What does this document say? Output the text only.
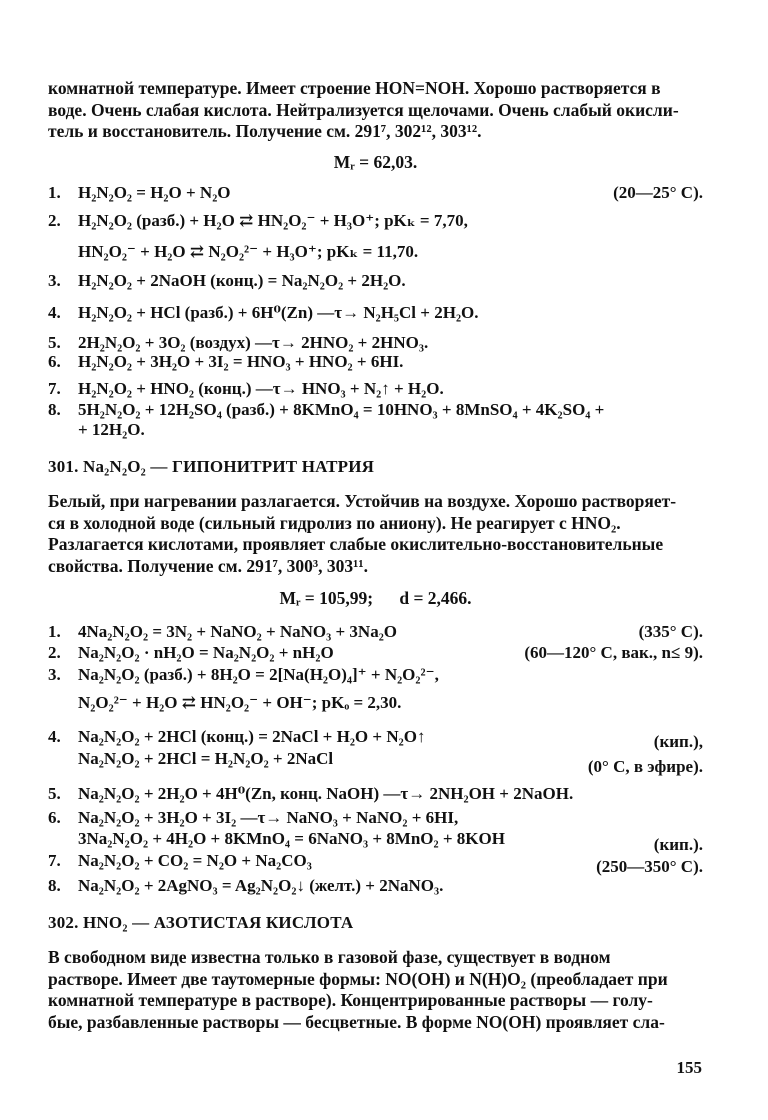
комнатной температуре. Имеет строение HON=NOH. Хорошо растворяется в
воде. Очень слабая кислота. Нейтрализуется щелочами. Очень слабый окисли-
тель и восстановитель. Получение см. 291⁷, 302¹², 303¹².
Mᵣ = 62,03.
1. H₂N₂O₂ = H₂O + N₂O	(20—25° C).
2. H₂N₂O₂ (разб.) + H₂O ⇄ HN₂O₂⁻ + H₃O⁺; pKₖ = 7,70,
HN₂O₂⁻ + H₂O ⇄ N₂O₂²⁻ + H₃O⁺; pKₖ = 11,70.
3. H₂N₂O₂ + 2NaOH (конц.) = Na₂N₂O₂ + 2H₂O.
4. H₂N₂O₂ + HCl (разб.) + 6H⁰(Zn) —τ→ N₂H₅Cl + 2H₂O.
5. 2H₂N₂O₂ + 3O₂ (воздух) —τ→ 2HNO₂ + 2HNO₃.
6. H₂N₂O₂ + 3H₂O + 3I₂ = HNO₃ + HNO₂ + 6HI.
7. H₂N₂O₂ + HNO₂ (конц.) —τ→ HNO₃ + N₂↑ + H₂O.
8. 5H₂N₂O₂ + 12H₂SO₄ (разб.) + 8KMnO₄ = 10HNO₃ + 8MnSO₄ + 4K₂SO₄ +
+ 12H₂O.
301. Na₂N₂O₂ — ГИПОНИТРИТ НАТРИЯ
Белый, при нагревании разлагается. Устойчив на воздухе. Хорошо растворяет-
ся в холодной воде (сильный гидролиз по аниону). Не реагирует с HNO₂.
Разлагается кислотами, проявляет слабые окислительно-восстановительные
свойства. Получение см. 291⁷, 300³, 303¹¹.
Mᵣ = 105,99;      d = 2,466.
1. 4Na₂N₂O₂ = 3N₂ + NaNO₂ + NaNO₃ + 3Na₂O	(335° C).
2. Na₂N₂O₂ · nH₂O = Na₂N₂O₂ + nH₂O	(60—120° C, вак., n≤ 9).
3. Na₂N₂O₂ (разб.) + 8H₂O = 2[Na(H₂O)₄]⁺ + N₂O₂²⁻,
N₂O₂²⁻ + H₂O ⇄ HN₂O₂⁻ + OH⁻; pKₒ = 2,30.
4. Na₂N₂O₂ + 2HCl (конц.) = 2NaCl + H₂O + N₂O↑	(кип.),
Na₂N₂O₂ + 2HCl = H₂N₂O₂ + 2NaCl	(0° C, в эфире).
5. Na₂N₂O₂ + 2H₂O + 4H⁰(Zn, конц. NaOH) —τ→ 2NH₂OH + 2NaOH.
6. Na₂N₂O₂ + 3H₂O + 3I₂ —τ→ NaNO₃ + NaNO₂ + 6HI,
3Na₂N₂O₂ + 4H₂O + 8KMnO₄ = 6NaNO₃ + 8MnO₂ + 8KOH	(кип.).
7. Na₂N₂O₂ + CO₂ = N₂O + Na₂CO₃	(250—350° C).
8. Na₂N₂O₂ + 2AgNO₃ = Ag₂N₂O₂↓ (желт.) + 2NaNO₃.
302. HNO₂ — АЗОТИСТАЯ КИСЛОТА
В свободном виде известна только в газовой фазе, существует в водном
растворе. Имеет две таутомерные формы: NO(OH) и N(H)O₂ (преобладает при
комнатной температуре в растворе). Концентрированные растворы — голу-
бые, разбавленные растворы — бесцветные. В форме NO(OH) проявляет сла-
155
